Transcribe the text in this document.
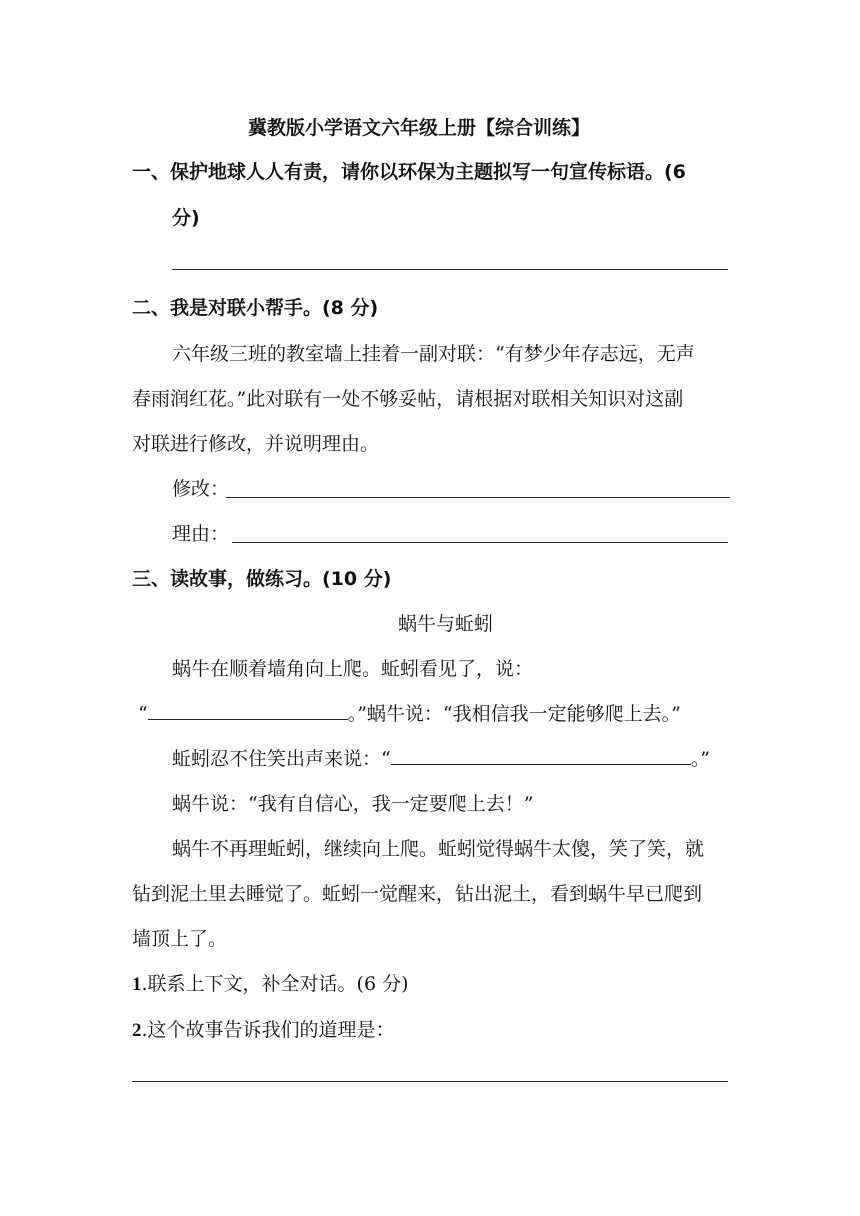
冀教版小学语文六年级上册【综合训练】
一、保护地球人人有责，请你以环保为主题拟写一句宣传标语。(6
分)
二、我是对联小帮手。(8 分)
六年级三班的教室墙上挂着一副对联：“有梦少年存志远，无声
春雨润红花。”此对联有一处不够妥帖，请根据对联相关知识对这副
对联进行修改，并说明理由。
修改：
理由：
三、读故事，做练习。(10 分)
蜗牛与蚯蚓
蜗牛在顺着墙角向上爬。蚯蚓看见了，说：
“	。”蜗牛说：“我相信我一定能够爬上去。”
蚯蚓忍不住笑出声来说：“	。”
蜗牛说：“我有自信心，我一定要爬上去！”
蜗牛不再理蚯蚓，继续向上爬。蚯蚓觉得蜗牛太傻，笑了笑，就
钻到泥土里去睡觉了。蚯蚓一觉醒来，钻出泥土，看到蜗牛早已爬到
墙顶上了。
1.联系上下文，补全对话。(6 分)
2.这个故事告诉我们的道理是：
